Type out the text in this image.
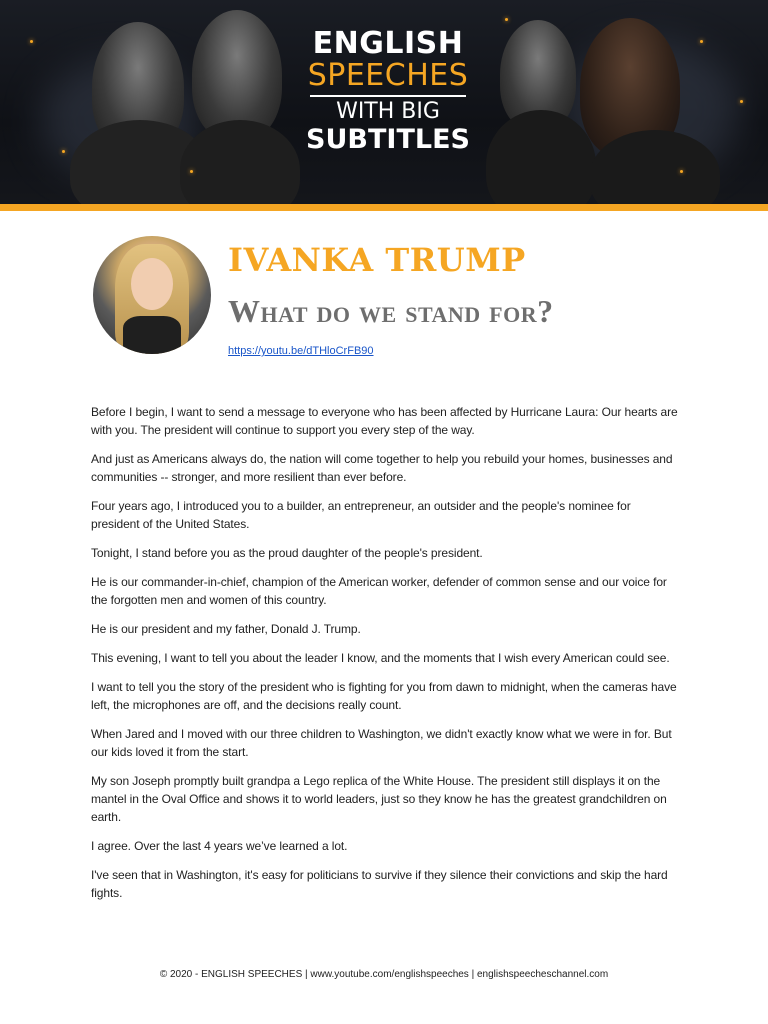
ENGLISH
SPEECHES
WITH BIG
SUBTITLES
IVANKA TRUMP
What do we stand for?
https://youtu.be/dTHloCrFB90

Before I begin, I want to send a message to everyone who has been affected by Hurricane Laura: Our hearts are with you. The president will continue to support you every step of the way.

And just as Americans always do, the nation will come together to help you rebuild your homes, businesses and communities -- stronger, and more resilient than ever before.

Four years ago, I introduced you to a builder, an entrepreneur, an outsider and the people's nominee for president of the United States.

Tonight, I stand before you as the proud daughter of the people's president.

He is our commander-in-chief, champion of the American worker, defender of common sense and our voice for the forgotten men and women of this country.

He is our president and my father, Donald J. Trump.

This evening, I want to tell you about the leader I know, and the moments that I wish every American could see.

I want to tell you the story of the president who is fighting for you from dawn to midnight, when the cameras have left, the microphones are off, and the decisions really count.

When Jared and I moved with our three children to Washington, we didn't exactly know what we were in for. But our kids loved it from the start.

My son Joseph promptly built grandpa a Lego replica of the White House. The president still displays it on the mantel in the Oval Office and shows it to world leaders, just so they know he has the greatest grandchildren on earth.

I agree. Over the last 4 years we’ve learned a lot.

I've seen that in Washington, it's easy for politicians to survive if they silence their convictions and skip the hard fights.

© 2020 - ENGLISH SPEECHES | www.youtube.com/englishspeeches | englishspeecheschannel.com
